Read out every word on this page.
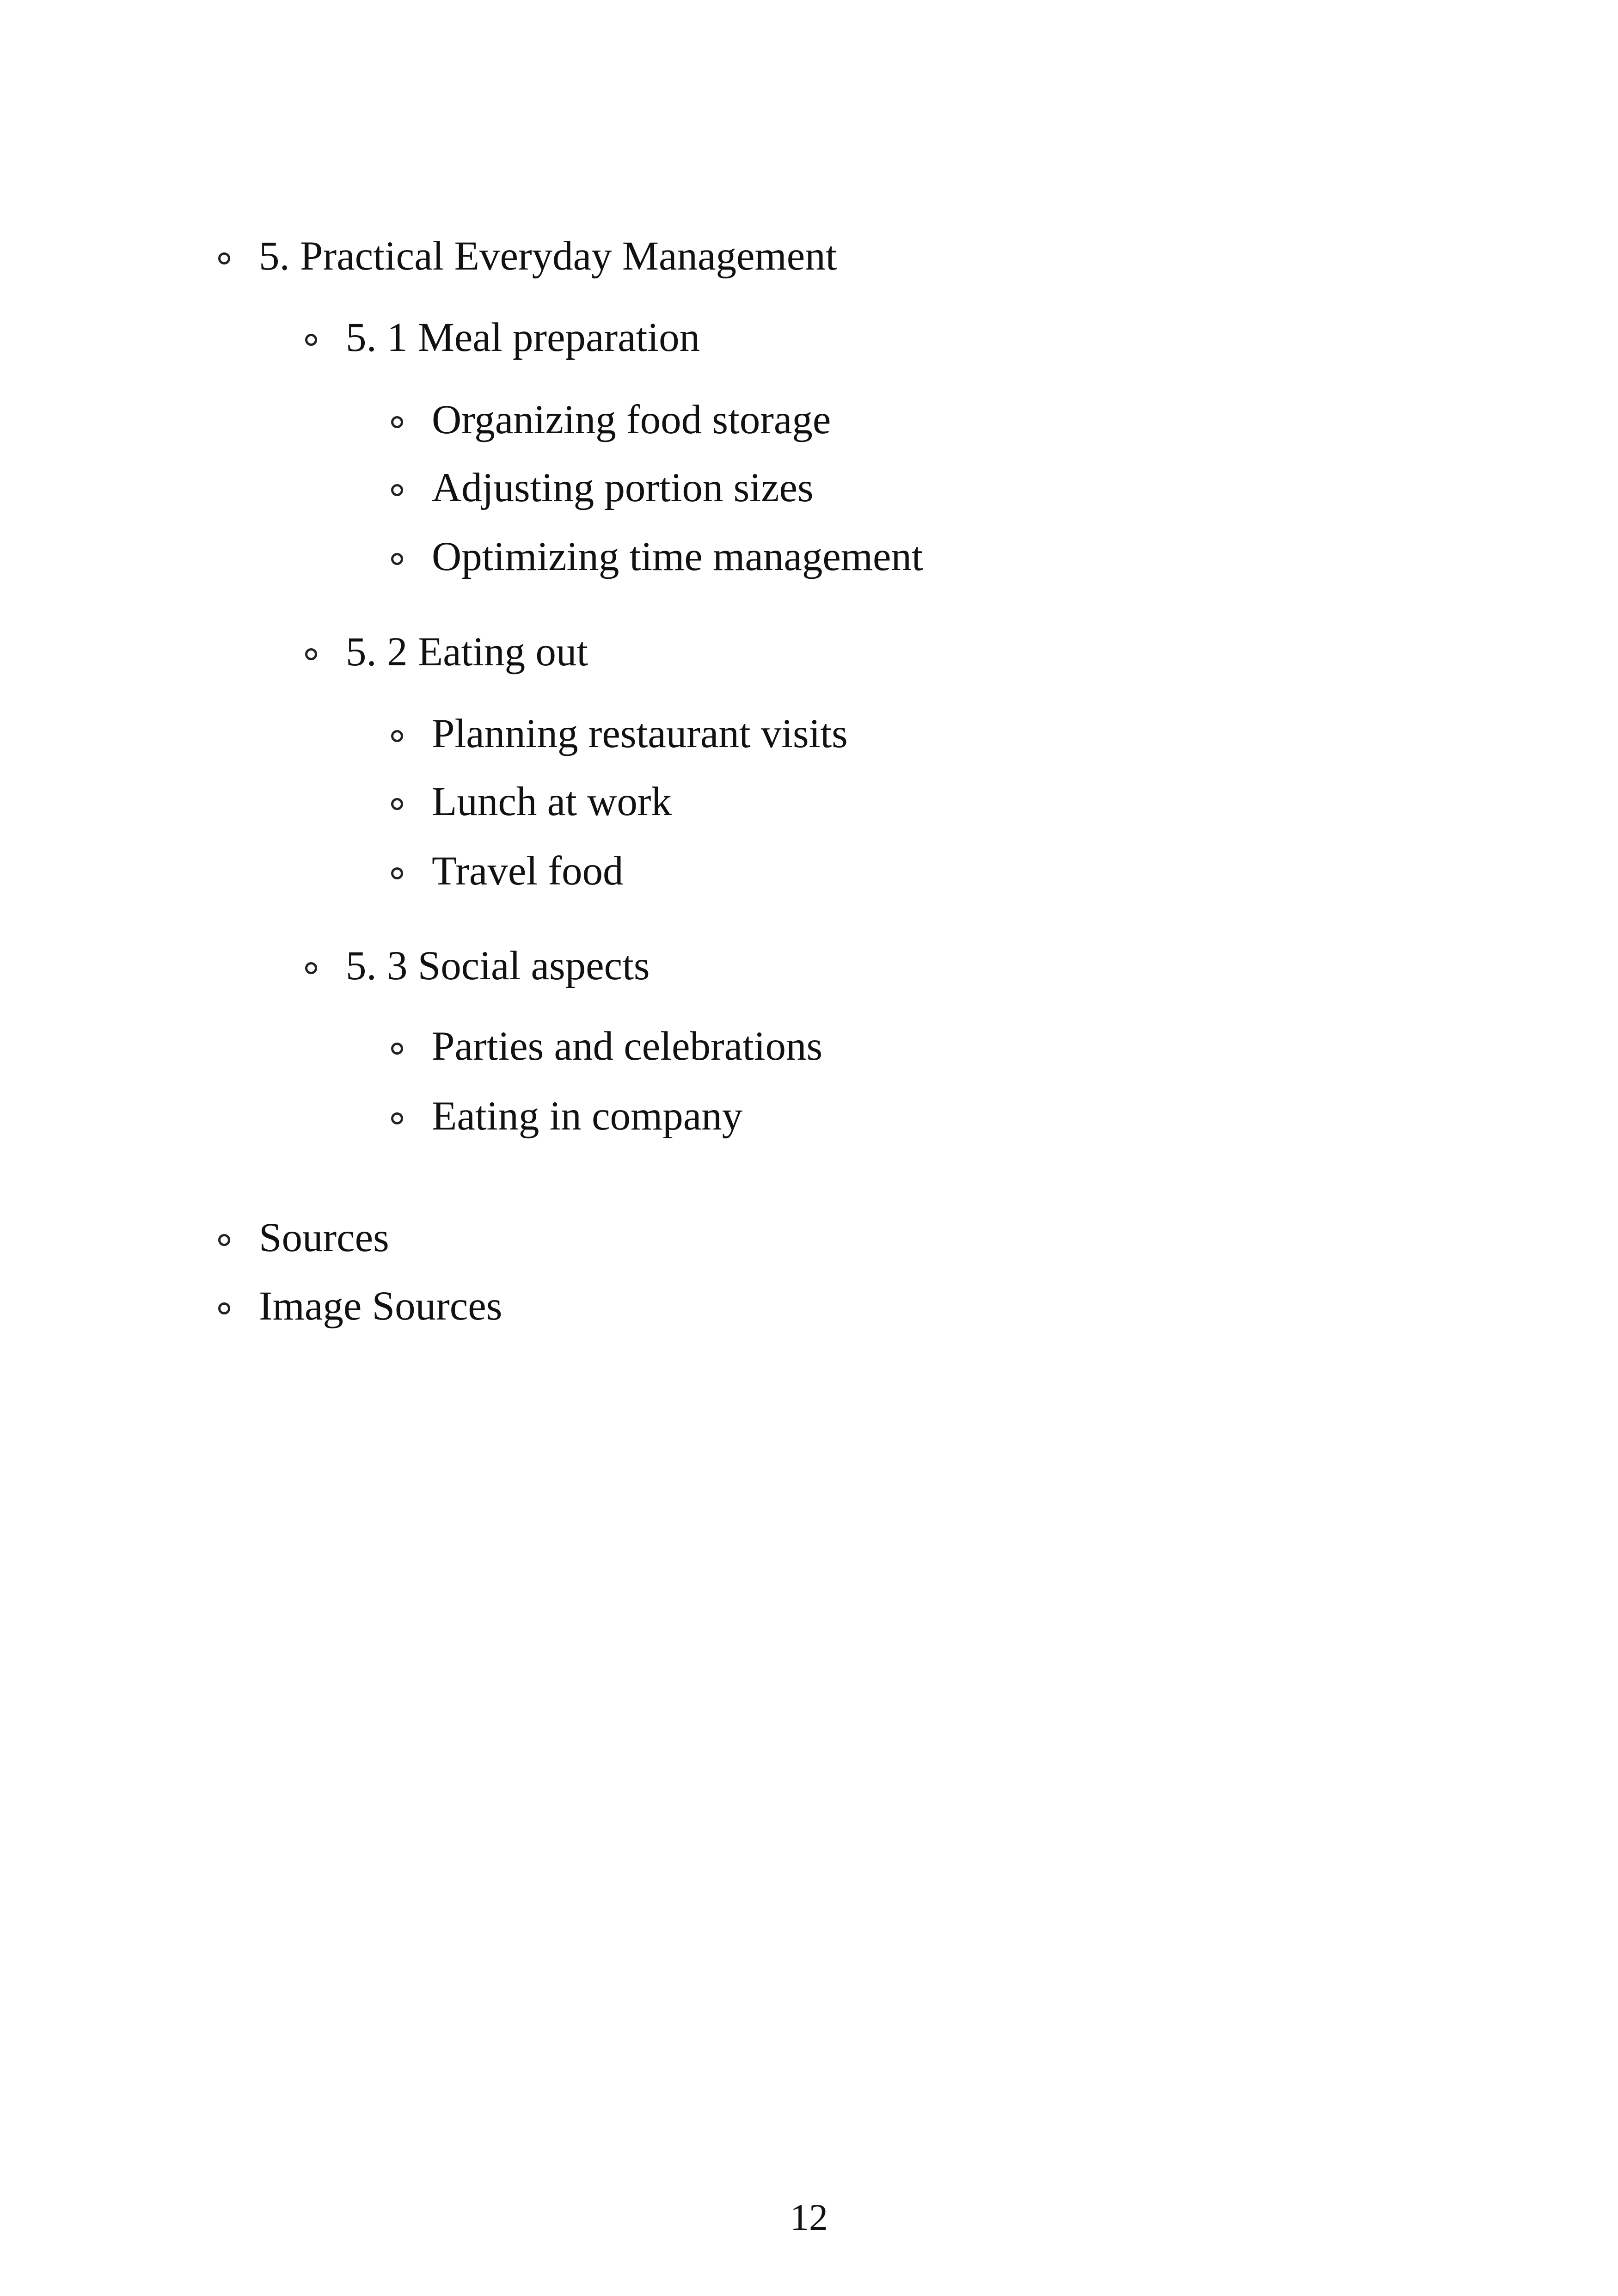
5. Practical Everyday Management
5. 1 Meal preparation
Organizing food storage
Adjusting portion sizes
Optimizing time management
5. 2 Eating out
Planning restaurant visits
Lunch at work
Travel food
5. 3 Social aspects
Parties and celebrations
Eating in company
Sources
Image Sources
12
